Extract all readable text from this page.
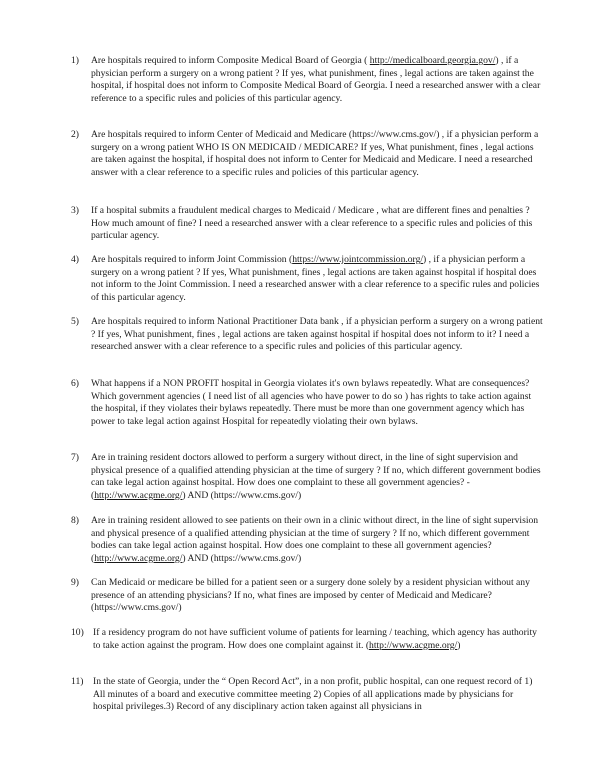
1)	Are hospitals required to inform Composite Medical Board of Georgia ( http://medicalboard.georgia.gov/) , if a physician perform a surgery on a wrong patient ? If yes, what punishment, fines , legal actions are taken against the hospital, if hospital does not inform to Composite Medical Board of Georgia. I need a researched answer with a clear reference to a specific rules and policies of this particular agency.
2)	Are hospitals required to inform Center of Medicaid and Medicare (https://www.cms.gov/) , if a physician perform a surgery on a wrong patient WHO IS ON MEDICAID / MEDICARE? If yes, What punishment, fines , legal actions are taken against the hospital, if hospital does not inform to Center for Medicaid and Medicare. I need a researched answer with a clear reference to a specific rules and policies of this particular agency.
3)	If a hospital submits a fraudulent medical charges to Medicaid / Medicare , what are different fines and penalties ? How much amount of fine? I need a researched answer with a clear reference to a specific rules and policies of this particular agency.
4)	Are hospitals required to inform Joint Commission (https://www.jointcommission.org/) , if a physician perform a surgery on a wrong patient ? If yes, What punishment, fines , legal actions are taken against hospital if hospital does not inform to the Joint Commission. I need a researched answer with a clear reference to a specific rules and policies of this particular agency.
5)	Are hospitals required to inform National Practitioner Data bank , if a physician perform a surgery on a wrong patient ? If yes, What punishment, fines , legal actions are taken against hospital if hospital does not inform to it? I need a researched answer with a clear reference to a specific rules and policies of this particular agency.
6)	What happens if a NON PROFIT hospital in Georgia violates it's own bylaws repeatedly. What are consequences? Which government agencies ( I need list of all agencies who have power to do so ) has rights to take action against the hospital, if they violates their bylaws repeatedly. There must be more than one government agency which has power to take legal action against Hospital for repeatedly violating their own bylaws.
7)	Are in training resident doctors allowed to perform a surgery without direct, in the line of sight supervision and physical presence of a qualified attending physician at the time of surgery ? If no, which different government bodies can take legal action against hospital. How does one complaint to these all government agencies? -(http://www.acgme.org/) AND (https://www.cms.gov/)
8)	Are in training resident allowed to see patients on their own in a clinic without direct, in the line of sight supervision and physical presence of a qualified attending physician at the time of surgery ? If no, which different government bodies can take legal action against hospital. How does one complaint to these all government agencies? (http://www.acgme.org/) AND (https://www.cms.gov/)
9)	Can Medicaid or medicare be billed for a patient seen or a surgery done solely by a resident physician without any presence of an attending physicians? If no, what fines are imposed by center of Medicaid and Medicare? (https://www.cms.gov/)
10) If a residency program do not have sufficient volume of patients for learning / teaching, which agency has authority to take action against the program. How does one complaint against it. (http://www.acgme.org/)
11) In the state of Georgia, under the “ Open Record Act”, in a non profit, public hospital, can one request record of 1) All minutes of a board and executive committee meeting 2) Copies of all applications made by physicians for hospital privileges.3) Record of any disciplinary action taken against all physicians in
